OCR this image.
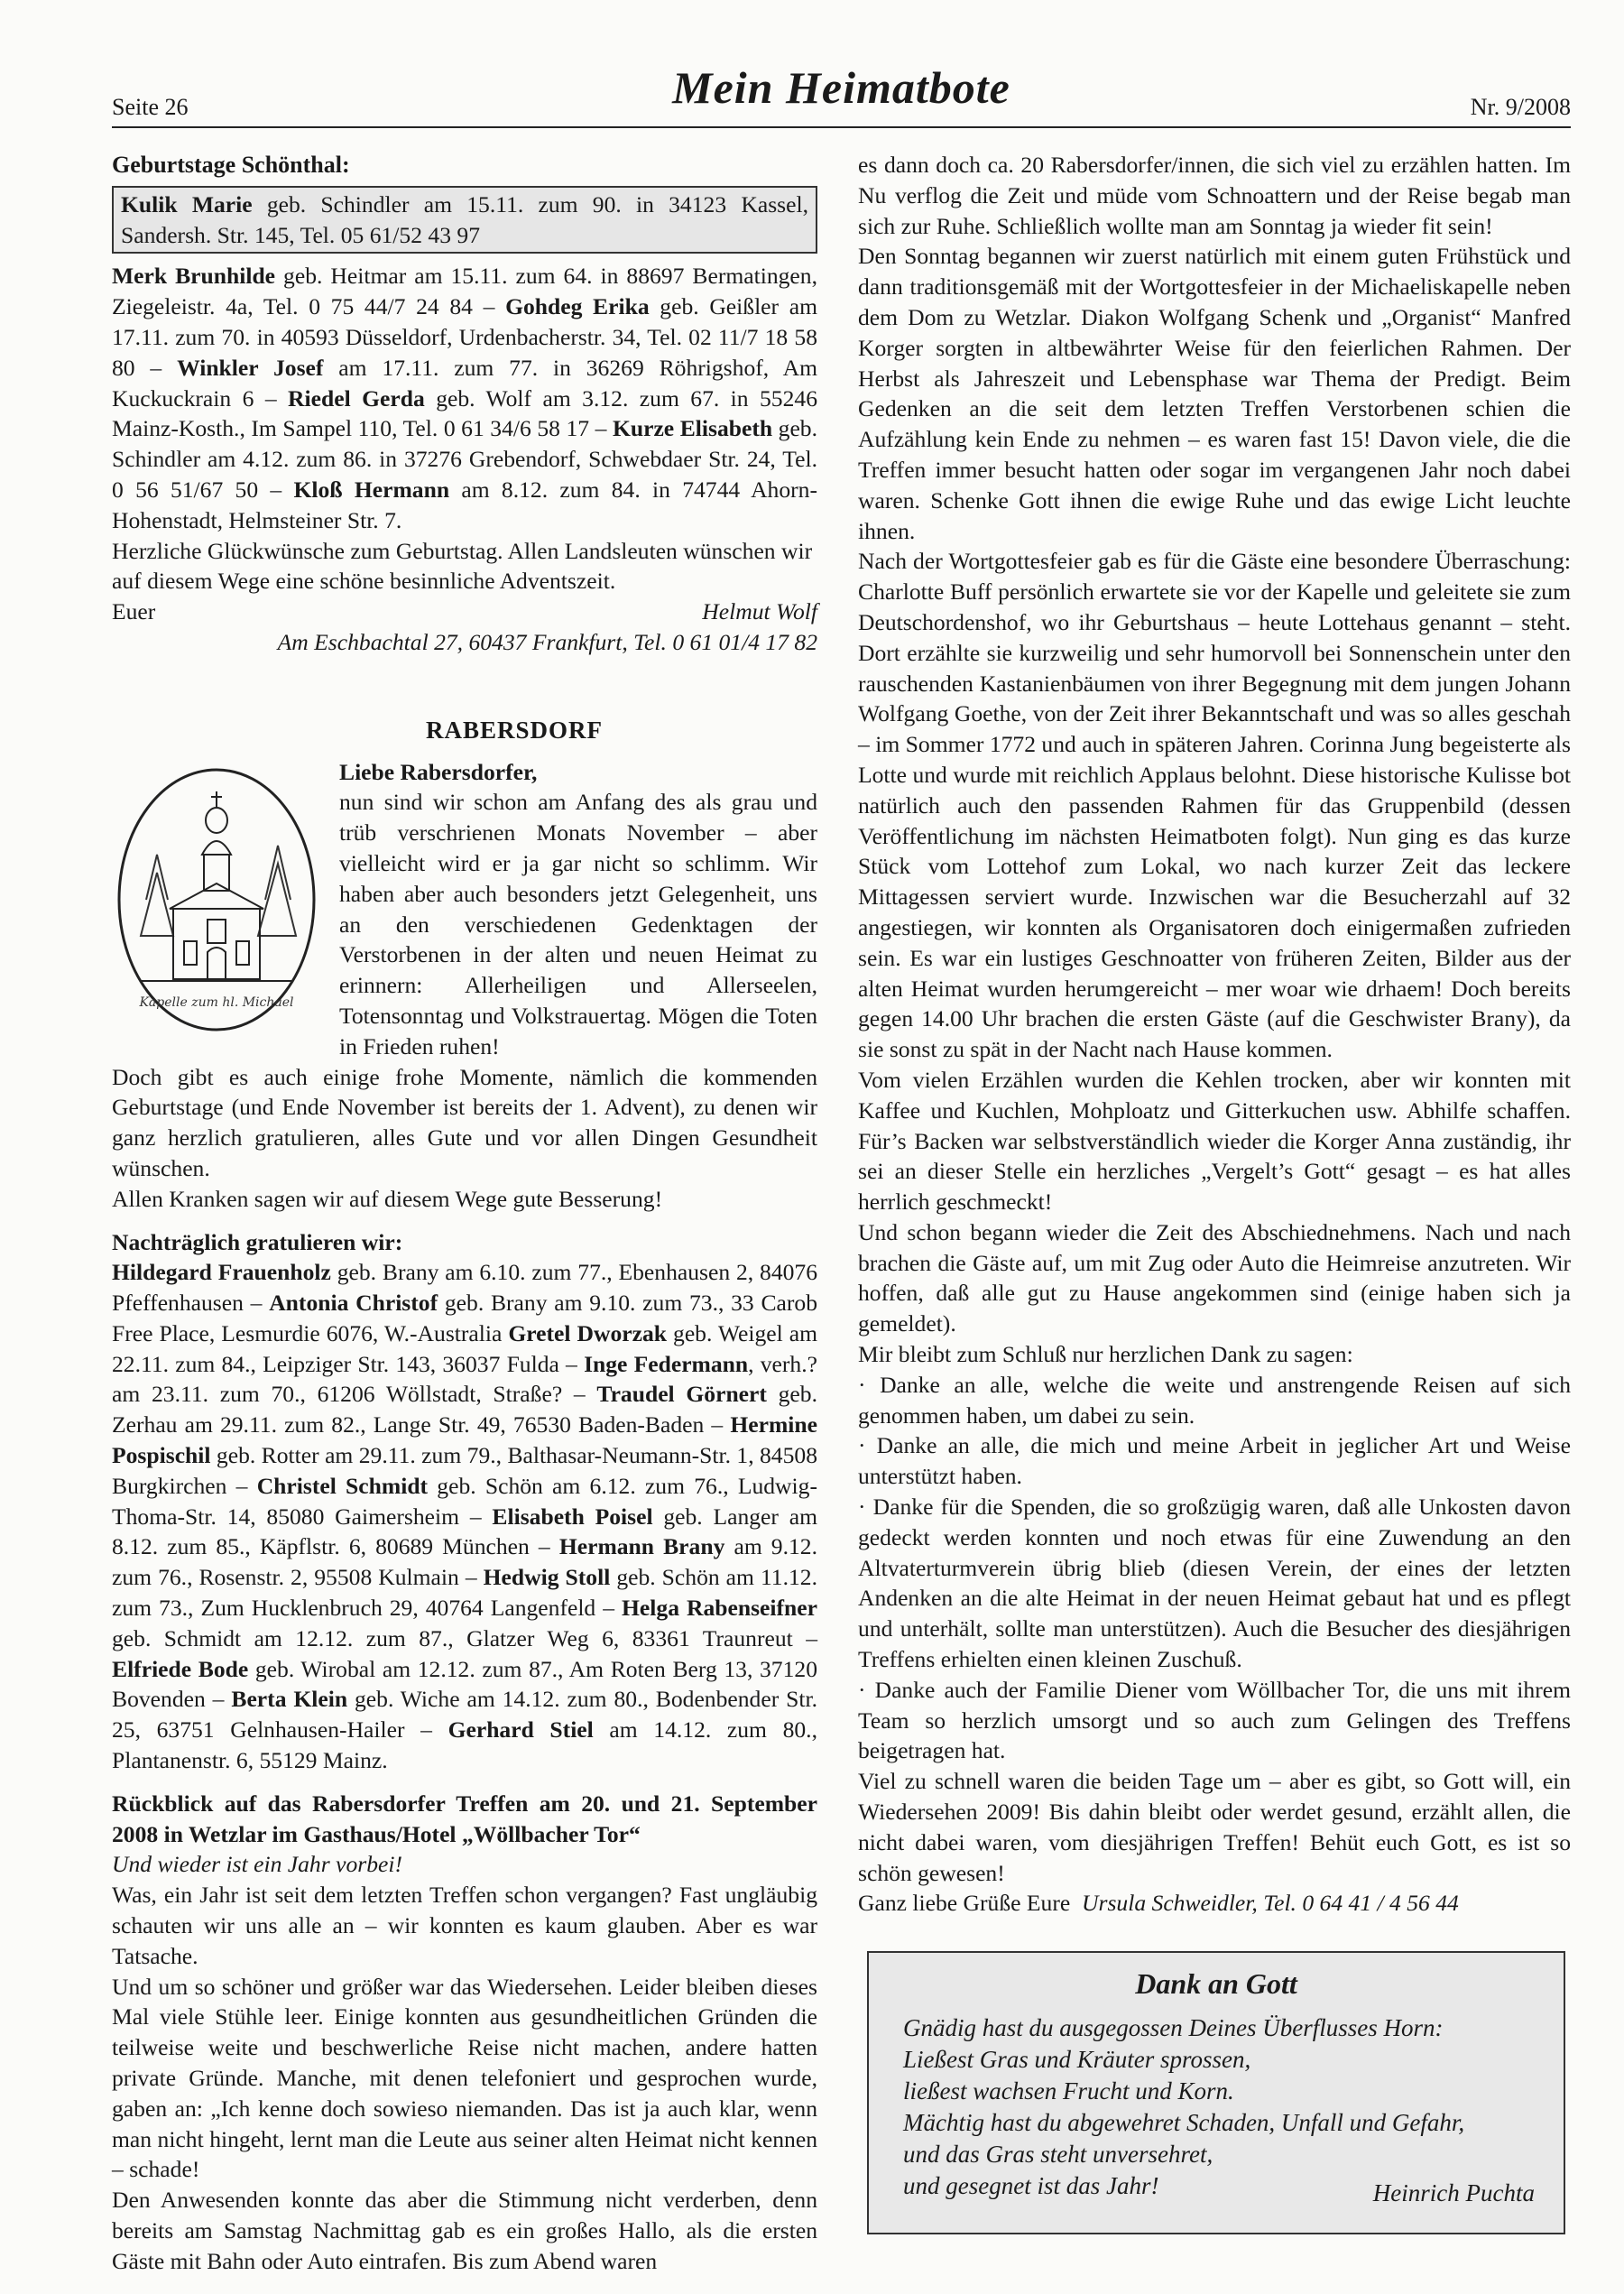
Seite 26	Mein Heimatbote	Nr. 9/2008

Geburtstage Schönthal:

Kulik Marie geb. Schindler am 15.11. zum 90. in 34123 Kassel, Sandersh. Str. 145, Tel. 05 61/52 43 97

Merk Brunhilde geb. Heitmar am 15.11. zum 64. in 88697 Bermatingen, Ziegeleistr. 4a, Tel. 0 75 44/7 24 84 – Gohdeg Erika geb. Geißler am 17.11. zum 70. in 40593 Düsseldorf, Urdenbacherstr. 34, Tel. 02 11/7 18 58 80 – Winkler Josef am 17.11. zum 77. in 36269 Röhrigshof, Am Kuckuckrain 6 – Riedel Gerda geb. Wolf am 3.12. zum 67. in 55246 Mainz-Kosth., Im Sampel 110, Tel. 0 61 34/6 58 17 – Kurze Elisabeth geb. Schindler am 4.12. zum 86. in 37276 Grebendorf, Schwebdaer Str. 24, Tel. 0 56 51/67 50 – Kloß Hermann am 8.12. zum 84. in 74744 Ahorn-Hohenstadt, Helmsteiner Str. 7.

Herzliche Glückwünsche zum Geburtstag. Allen Landsleuten wünschen wir auf diesem Wege eine schöne besinnliche Adventszeit.

Euer	Helmut Wolf

Am Eschbachtal 27, 60437 Frankfurt, Tel. 0 61 01/4 17 82

RABERSDORF

Kapelle zum hl. Michael

Liebe Rabersdorfer,

nun sind wir schon am Anfang des als grau und trüb verschrienen Monats November – aber vielleicht wird er ja gar nicht so schlimm. Wir haben aber auch besonders jetzt Gelegenheit, uns an den verschiedenen Gedenktagen der Verstorbenen in der alten und neuen Heimat zu erinnern: Allerheiligen und Allerseelen, Totensonntag und Volkstrauertag. Mögen die Toten in Frieden ruhen!

Doch gibt es auch einige frohe Momente, nämlich die kommenden Geburtstage (und Ende November ist bereits der 1. Advent), zu denen wir ganz herzlich gratulieren, alles Gute und vor allen Dingen Gesundheit wünschen.

Allen Kranken sagen wir auf diesem Wege gute Besserung!

Nachträglich gratulieren wir:

Hildegard Frauenholz geb. Brany am 6.10. zum 77., Ebenhausen 2, 84076 Pfeffenhausen – Antonia Christof geb. Brany am 9.10. zum 73., 33 Carob Free Place, Lesmurdie 6076, W.-Australia Gretel Dworzak geb. Weigel am 22.11. zum 84., Leipziger Str. 143, 36037 Fulda – Inge Federmann, verh.? am 23.11. zum 70., 61206 Wöllstadt, Straße? – Traudel Görnert geb. Zerhau am 29.11. zum 82., Lange Str. 49, 76530 Baden-Baden – Hermine Pospischil geb. Rotter am 29.11. zum 79., Balthasar-Neumann-Str. 1, 84508 Burgkirchen – Christel Schmidt geb. Schön am 6.12. zum 76., Ludwig-Thoma-Str. 14, 85080 Gaimersheim – Elisabeth Poisel geb. Langer am 8.12. zum 85., Käpflstr. 6, 80689 München – Hermann Brany am 9.12. zum 76., Rosenstr. 2, 95508 Kulmain – Hedwig Stoll geb. Schön am 11.12. zum 73., Zum Hucklenbruch 29, 40764 Langenfeld – Helga Rabenseifner geb. Schmidt am 12.12. zum 87., Glatzer Weg 6, 83361 Traunreut – Elfriede Bode geb. Wirobal am 12.12. zum 87., Am Roten Berg 13, 37120 Bovenden – Berta Klein geb. Wiche am 14.12. zum 80., Bodenbender Str. 25, 63751 Gelnhausen-Hailer – Gerhard Stiel am 14.12. zum 80., Plantanenstr. 6, 55129 Mainz.

Rückblick auf das Rabersdorfer Treffen am 20. und 21. September 2008 in Wetzlar im Gasthaus/Hotel „Wöllbacher Tor“

Und wieder ist ein Jahr vorbei!

Was, ein Jahr ist seit dem letzten Treffen schon vergangen? Fast ungläubig schauten wir uns alle an – wir konnten es kaum glauben. Aber es war Tatsache.

Und um so schöner und größer war das Wiedersehen. Leider bleiben dieses Mal viele Stühle leer. Einige konnten aus gesundheitlichen Gründen die teilweise weite und beschwerliche Reise nicht machen, andere hatten private Gründe. Manche, mit denen telefoniert und gesprochen wurde, gaben an: „Ich kenne doch sowieso niemanden. Das ist ja auch klar, wenn man nicht hingeht, lernt man die Leute aus seiner alten Heimat nicht kennen – schade!

Den Anwesenden konnte das aber die Stimmung nicht verderben, denn bereits am Samstag Nachmittag gab es ein großes Hallo, als die ersten Gäste mit Bahn oder Auto eintrafen. Bis zum Abend waren

es dann doch ca. 20 Rabersdorfer/innen, die sich viel zu erzählen hatten. Im Nu verflog die Zeit und müde vom Schnoattern und der Reise begab man sich zur Ruhe. Schließlich wollte man am Sonntag ja wieder fit sein!

Den Sonntag begannen wir zuerst natürlich mit einem guten Frühstück und dann traditionsgemäß mit der Wortgottesfeier in der Michaeliskapelle neben dem Dom zu Wetzlar. Diakon Wolfgang Schenk und „Organist“ Manfred Korger sorgten in altbewährter Weise für den feierlichen Rahmen. Der Herbst als Jahreszeit und Lebensphase war Thema der Predigt. Beim Gedenken an die seit dem letzten Treffen Verstorbenen schien die Aufzählung kein Ende zu nehmen – es waren fast 15! Davon viele, die die Treffen immer besucht hatten oder sogar im vergangenen Jahr noch dabei waren. Schenke Gott ihnen die ewige Ruhe und das ewige Licht leuchte ihnen.

Nach der Wortgottesfeier gab es für die Gäste eine besondere Überraschung: Charlotte Buff persönlich erwartete sie vor der Kapelle und geleitete sie zum Deutschordenshof, wo ihr Geburtshaus – heute Lottehaus genannt – steht. Dort erzählte sie kurzweilig und sehr humorvoll bei Sonnenschein unter den rauschenden Kastanienbäumen von ihrer Begegnung mit dem jungen Johann Wolfgang Goethe, von der Zeit ihrer Bekanntschaft und was so alles geschah – im Sommer 1772 und auch in späteren Jahren. Corinna Jung begeisterte als Lotte und wurde mit reichlich Applaus belohnt. Diese historische Kulisse bot natürlich auch den passenden Rahmen für das Gruppenbild (dessen Veröffentlichung im nächsten Heimatboten folgt). Nun ging es das kurze Stück vom Lottehof zum Lokal, wo nach kurzer Zeit das leckere Mittagessen serviert wurde. Inzwischen war die Besucherzahl auf 32 angestiegen, wir konnten als Organisatoren doch einigermaßen zufrieden sein. Es war ein lustiges Geschnoatter von früheren Zeiten, Bilder aus der alten Heimat wurden herumgereicht – mer woar wie drhaem! Doch bereits gegen 14.00 Uhr brachen die ersten Gäste (auf die Geschwister Brany), da sie sonst zu spät in der Nacht nach Hause kommen.

Vom vielen Erzählen wurden die Kehlen trocken, aber wir konnten mit Kaffee und Kuchlen, Mohploatz und Gitterkuchen usw. Abhilfe schaffen. Für’s Backen war selbstverständlich wieder die Korger Anna zuständig, ihr sei an dieser Stelle ein herzliches „Vergelt’s Gott“ gesagt – es hat alles herrlich geschmeckt!

Und schon begann wieder die Zeit des Abschiednehmens. Nach und nach brachen die Gäste auf, um mit Zug oder Auto die Heimreise anzutreten. Wir hoffen, daß alle gut zu Hause angekommen sind (einige haben sich ja gemeldet).

Mir bleibt zum Schluß nur herzlichen Dank zu sagen:

· Danke an alle, welche die weite und anstrengende Reisen auf sich genommen haben, um dabei zu sein.

· Danke an alle, die mich und meine Arbeit in jeglicher Art und Weise unterstützt haben.

· Danke für die Spenden, die so großzügig waren, daß alle Unkosten davon gedeckt werden konnten und noch etwas für eine Zuwendung an den Altvaterturmverein übrig blieb (diesen Verein, der eines der letzten Andenken an die alte Heimat in der neuen Heimat gebaut hat und es pflegt und unterhält, sollte man unterstützen). Auch die Besucher des diesjährigen Treffens erhielten einen kleinen Zuschuß.

· Danke auch der Familie Diener vom Wöllbacher Tor, die uns mit ihrem Team so herzlich umsorgt und so auch zum Gelingen des Treffens beigetragen hat.

Viel zu schnell waren die beiden Tage um – aber es gibt, so Gott will, ein Wiedersehen 2009! Bis dahin bleibt oder werdet gesund, erzählt allen, die nicht dabei waren, vom diesjährigen Treffen! Behüt euch Gott, es ist so schön gewesen!

Ganz liebe Grüße Eure Ursula Schweidler, Tel. 0 64 41 / 4 56 44

Dank an Gott
Gnädig hast du ausgegossen Deines Überflusses Horn:
Ließest Gras und Kräuter sprossen,
ließest wachsen Frucht und Korn.
Mächtig hast du abgewehret Schaden, Unfall und Gefahr,
und das Gras steht unversehret,
und gesegnet ist das Jahr!	Heinrich Puchta
